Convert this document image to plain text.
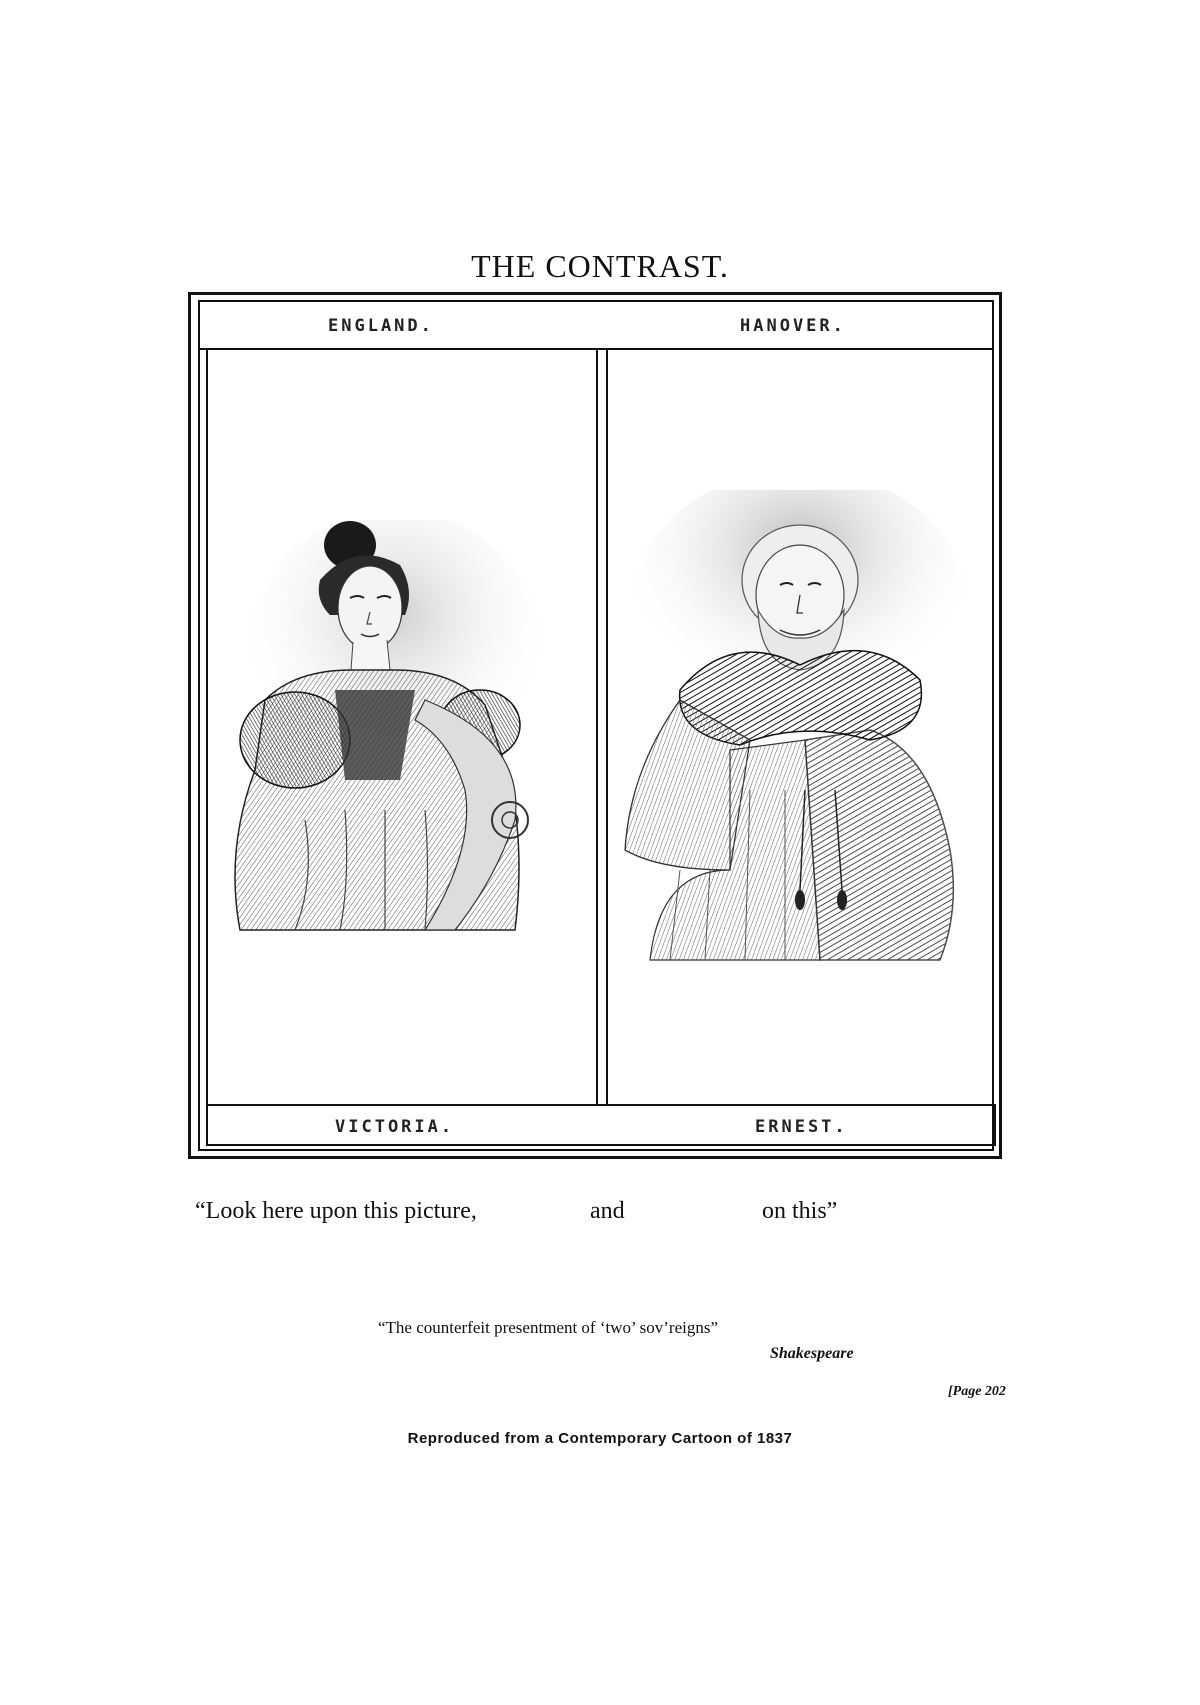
THE CONTRAST.
ENGLAND.	HANOVER.
VICTORIA.	ERNEST.
“Look here upon this picture,	and	on this”
“The counterfeit presentment of ‘two’ sov’reigns”
Shakespeare
[Page 202
Reproduced from a Contemporary Cartoon of 1837
